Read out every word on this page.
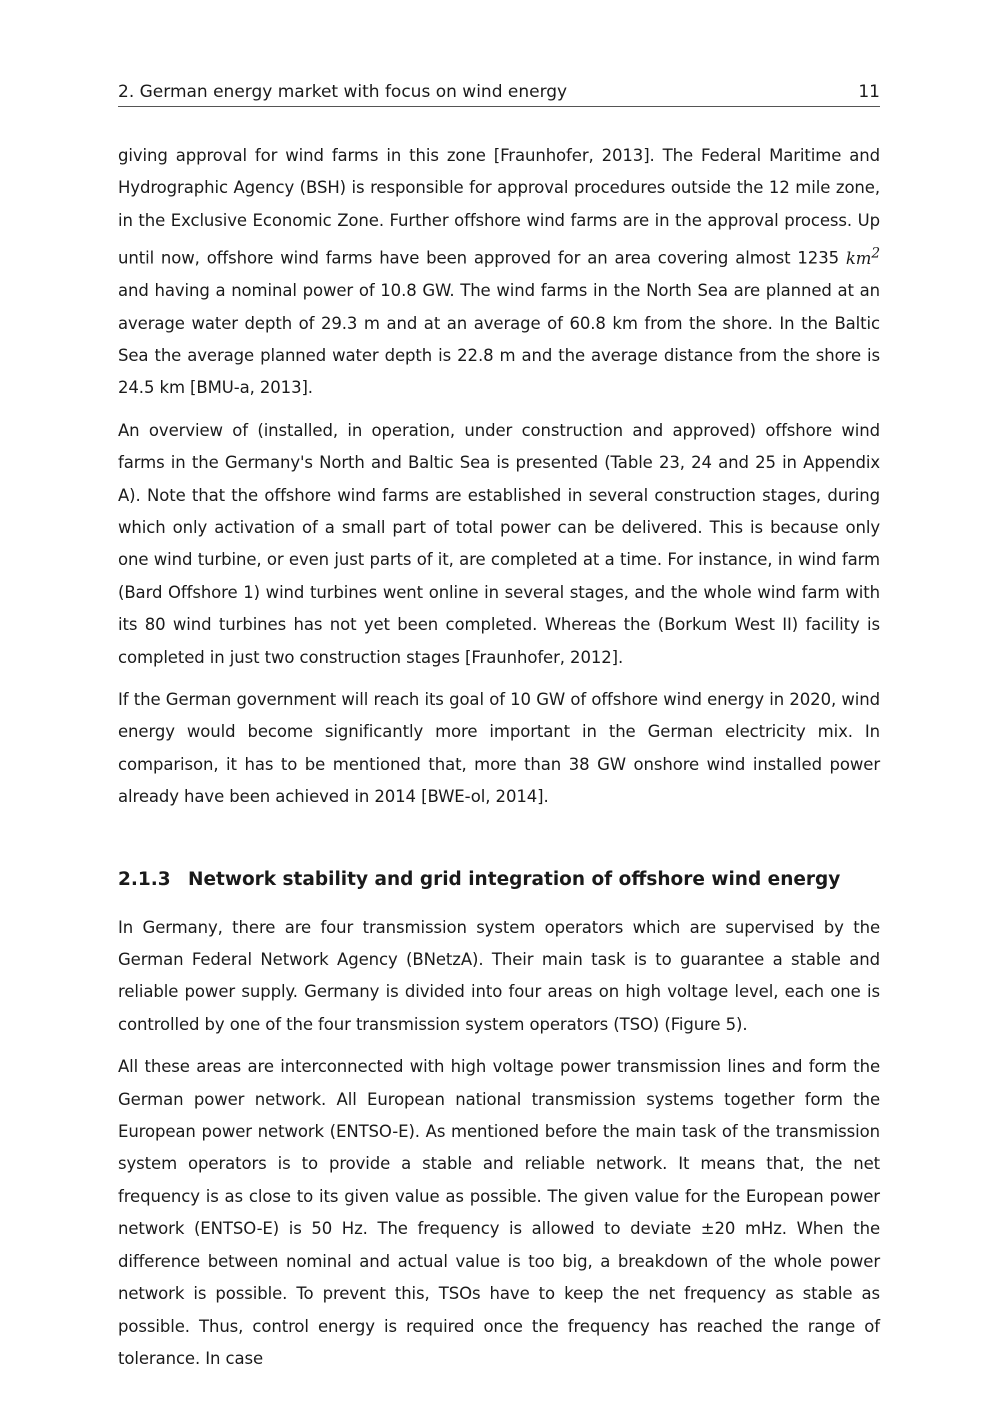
2. German energy market with focus on wind energy	11

giving approval for wind farms in this zone [Fraunhofer, 2013]. The Federal Maritime and Hydrographic Agency (BSH) is responsible for approval procedures outside the 12 mile zone, in the Exclusive Economic Zone. Further offshore wind farms are in the approval process. Up until now, offshore wind farms have been approved for an area covering almost 1235 $km^2$ and having a nominal power of 10.8 GW. The wind farms in the North Sea are planned at an average water depth of 29.3 m and at an average of 60.8 km from the shore. In the Baltic Sea the average planned water depth is 22.8 m and the average distance from the shore is 24.5 km [BMU-a, 2013].

An overview of (installed, in operation, under construction and approved) offshore wind farms in the Germany's North and Baltic Sea is presented (Table 23, 24 and 25 in Appendix A). Note that the offshore wind farms are established in several construction stages, during which only activation of a small part of total power can be delivered. This is because only one wind turbine, or even just parts of it, are completed at a time. For instance, in wind farm (Bard Offshore 1) wind turbines went online in several stages, and the whole wind farm with its 80 wind turbines has not yet been completed. Whereas the (Borkum West II) facility is completed in just two construction stages [Fraunhofer, 2012].

If the German government will reach its goal of 10 GW of offshore wind energy in 2020, wind energy would become significantly more important in the German electricity mix. In comparison, it has to be mentioned that, more than 38 GW onshore wind installed power already have been achieved in 2014 [BWE-ol, 2014].

2.1.3 Network stability and grid integration of offshore wind energy

In Germany, there are four transmission system operators which are supervised by the German Federal Network Agency (BNetzA). Their main task is to guarantee a stable and reliable power supply. Germany is divided into four areas on high voltage level, each one is controlled by one of the four transmission system operators (TSO) (Figure 5).

All these areas are interconnected with high voltage power transmission lines and form the German power network. All European national transmission systems together form the European power network (ENTSO-E). As mentioned before the main task of the transmission system operators is to provide a stable and reliable network. It means that, the net frequency is as close to its given value as possible. The given value for the European power network (ENTSO-E) is 50 Hz. The frequency is allowed to deviate ±20 mHz. When the difference between nominal and actual value is too big, a breakdown of the whole power network is possible. To prevent this, TSOs have to keep the net frequency as stable as possible. Thus, control energy is required once the frequency has reached the range of tolerance. In case
